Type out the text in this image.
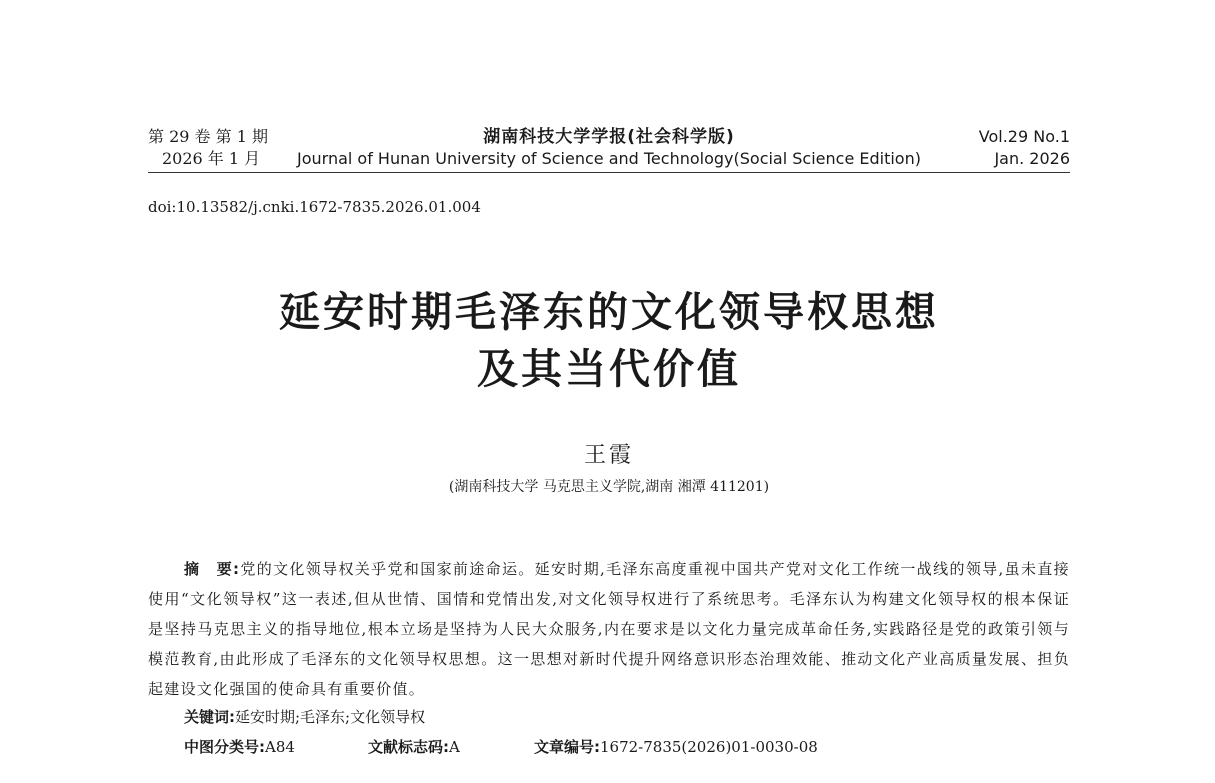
第 29 卷 第 1 期
2026 年 1 月
湖南科技大学学报(社会科学版)
Journal of Hunan University of Science and Technology(Social Science Edition)
Vol.29 No.1
Jan. 2026
doi:10.13582/j.cnki.1672-7835.2026.01.004
延安时期毛泽东的文化领导权思想
及其当代价值
王霞
(湖南科技大学 马克思主义学院,湖南 湘潭 411201)
摘　要:党的文化领导权关乎党和国家前途命运。延安时期,毛泽东高度重视中国共产党对文化工作统一战线的领导,虽未直接使用“文化领导权”这一表述,但从世情、国情和党情出发,对文化领导权进行了系统思考。毛泽东认为构建文化领导权的根本保证是坚持马克思主义的指导地位,根本立场是坚持为人民大众服务,内在要求是以文化力量完成革命任务,实践路径是党的政策引领与模范教育,由此形成了毛泽东的文化领导权思想。这一思想对新时代提升网络意识形态治理效能、推动文化产业高质量发展、担负起建设文化强国的使命具有重要价值。
关键词:延安时期;毛泽东;文化领导权
中图分类号:A84	文献标志码:A	文章编号:1672-7835(2026)01-0030-08
